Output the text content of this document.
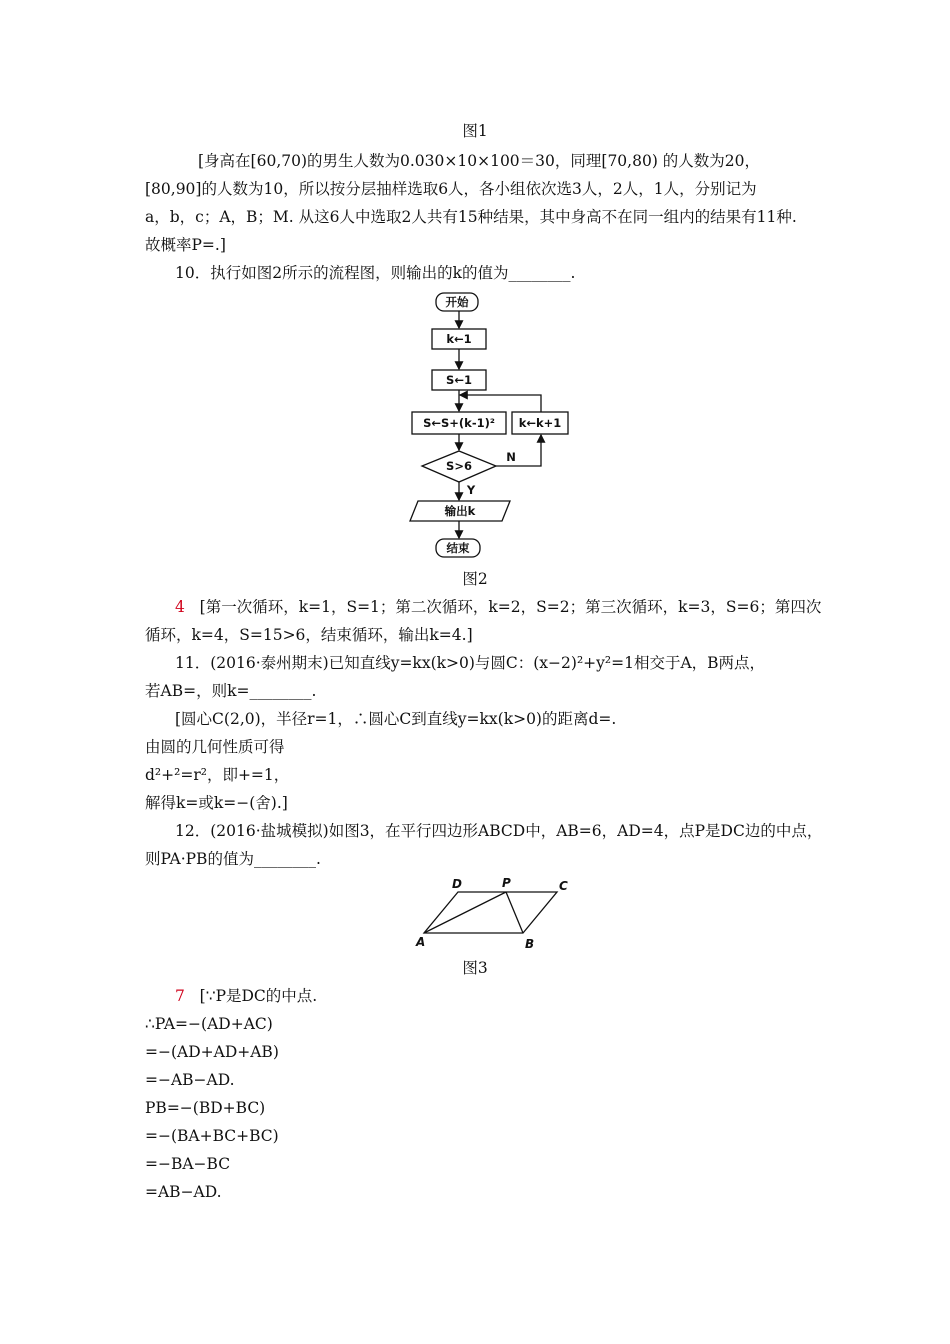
图1
[身高在[60,70)的男生人数为0.030×10×100＝30，同理[70,80) 的人数为20，
[80,90]的人数为10，所以按分层抽样选取6人，各小组依次选3人，2人，1人，分别记为
a，b，c；A，B；M. 从这6人中选取2人共有15种结果，其中身高不在同一组内的结果有11种.
故概率P=.]
10．执行如图2所示的流程图，则输出的k的值为________.
开始
k←1
S←1
S←S+(k-1)² k←k+1
S>6
N
Y
输出k
结束
图2
4 [第一次循环，k=1，S=1；第二次循环，k=2，S=2；第三次循环，k=3，S=6；第四次
循环，k=4，S=15>6，结束循环，输出k=4.]
11．(2016·泰州期末)已知直线y=kx(k>0)与圆C：(x−2)²+y²=1相交于A，B两点，
若AB=，则k=________.
[圆心C(2,0)，半径r=1，∴圆心C到直线y=kx(k>0)的距离d=.
由圆的几何性质可得
d²+²=r²，即+=1，
解得k=或k=−(舍).]
12．(2016·盐城模拟)如图3，在平行四边形ABCD中，AB=6，AD=4，点P是DC边的中点，
则PA·PB的值为________.
D	P	C
A	B
图3
7 [∵P是DC的中点.
∴PA=−(AD+AC)
=−(AD+AD+AB)
=−AB−AD.
PB=−(BD+BC)
=−(BA+BC+BC)
=−BA−BC
=AB−AD.
